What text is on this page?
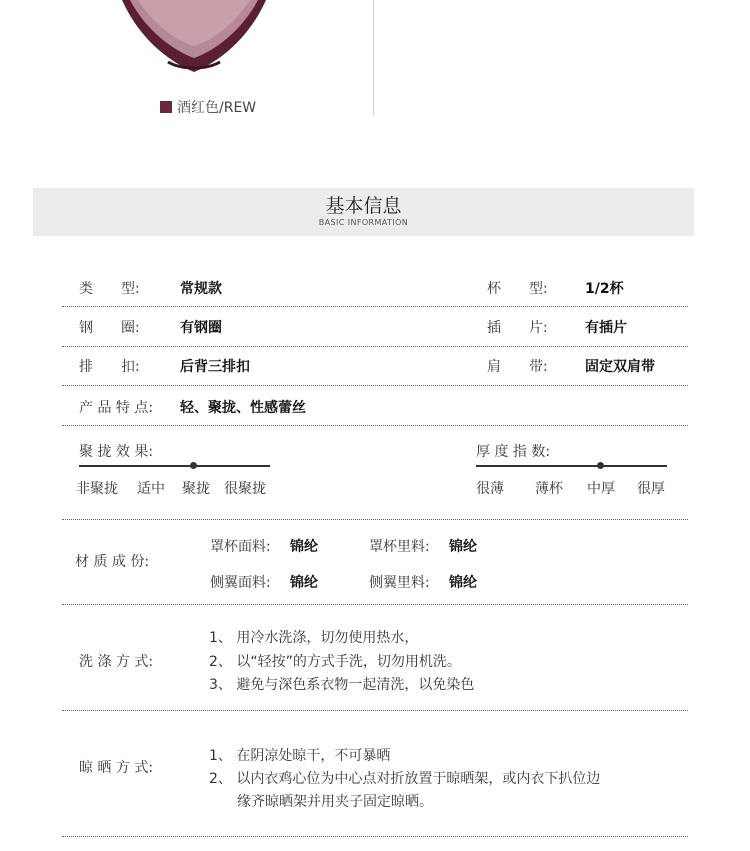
酒红色/REW
基本信息
BASIC INFORMATION
类　　型:	常规款	杯　　型:	1/2杯
钢　　圈:	有钢圈	插　　片:	有插片
排　　扣:	后背三排扣	肩　　带:	固定双肩带
产 品 特 点: 轻、聚拢、性感蕾丝
聚 拢 效 果:
非聚拢 适中 聚拢 很聚拢
厚 度 指 数:
很薄 薄杯 中厚 很厚
材 质 成 份:
罩杯面料: 锦纶	罩杯里料: 锦纶
侧翼面料: 锦纶	侧翼里料: 锦纶
洗 涤 方 式:
1、 用冷水洗涤，切勿使用热水，
2、 以“轻按”的方式手洗，切勿用机洗。
3、 避免与深色系衣物一起清洗，以免染色
晾 晒 方 式:
1、 在阴凉处晾干，不可暴晒
2、 以内衣鸡心位为中心点对折放置于晾晒架，或内衣下扒位边
　　缘齐晾晒架并用夹子固定晾晒。
